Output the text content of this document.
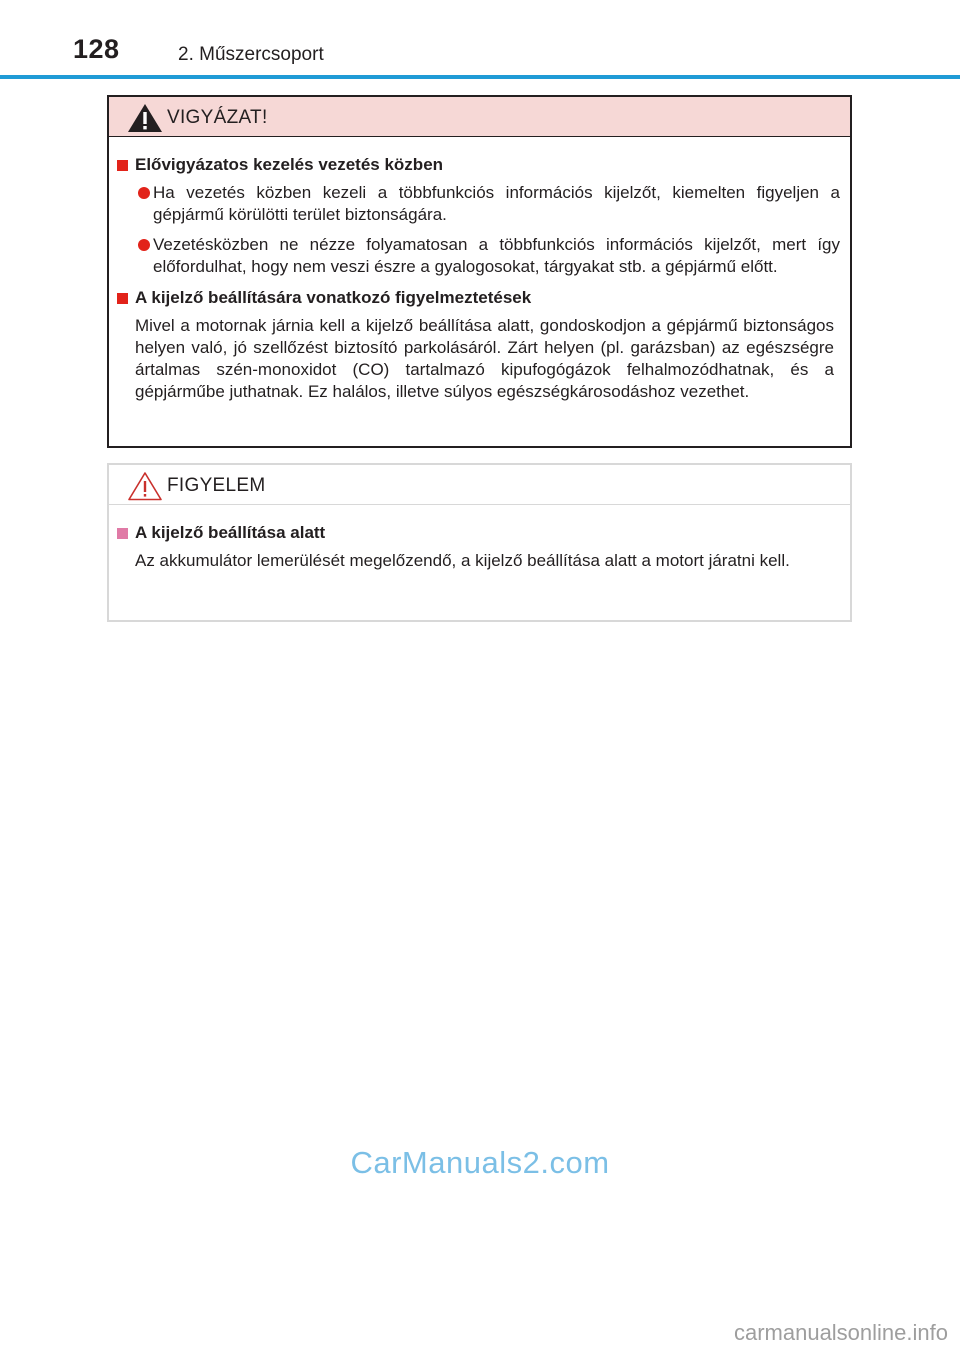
128	2. Műszercsoport
VIGYÁZAT!
Elővigyázatos kezelés vezetés közben
Ha vezetés közben kezeli a többfunkciós információs kijelzőt, kiemelten figyeljen a gépjármű körülötti terület biztonságára.
Vezetésközben ne nézze folyamatosan a többfunkciós információs kijelzőt, mert így előfordulhat, hogy nem veszi észre a gyalogosokat, tárgyakat stb. a gépjármű előtt.
A kijelző beállítására vonatkozó figyelmeztetések
Mivel a motornak járnia kell a kijelző beállítása alatt, gondoskodjon a gépjármű biztonságos helyen való, jó szellőzést biztosító parkolásáról. Zárt helyen (pl. garázsban) az egészségre ártalmas szén-monoxidot (CO) tartalmazó kipufogógázok felhalmozódhatnak, és a gépjárműbe juthatnak. Ez halálos, illetve súlyos egészségkárosodáshoz vezethet.
FIGYELEM
A kijelző beállítása alatt
Az akkumulátor lemerülését megelőzendő, a kijelző beállítása alatt a motort járatni kell.
CarManuals2.com
carmanualsonline.info
